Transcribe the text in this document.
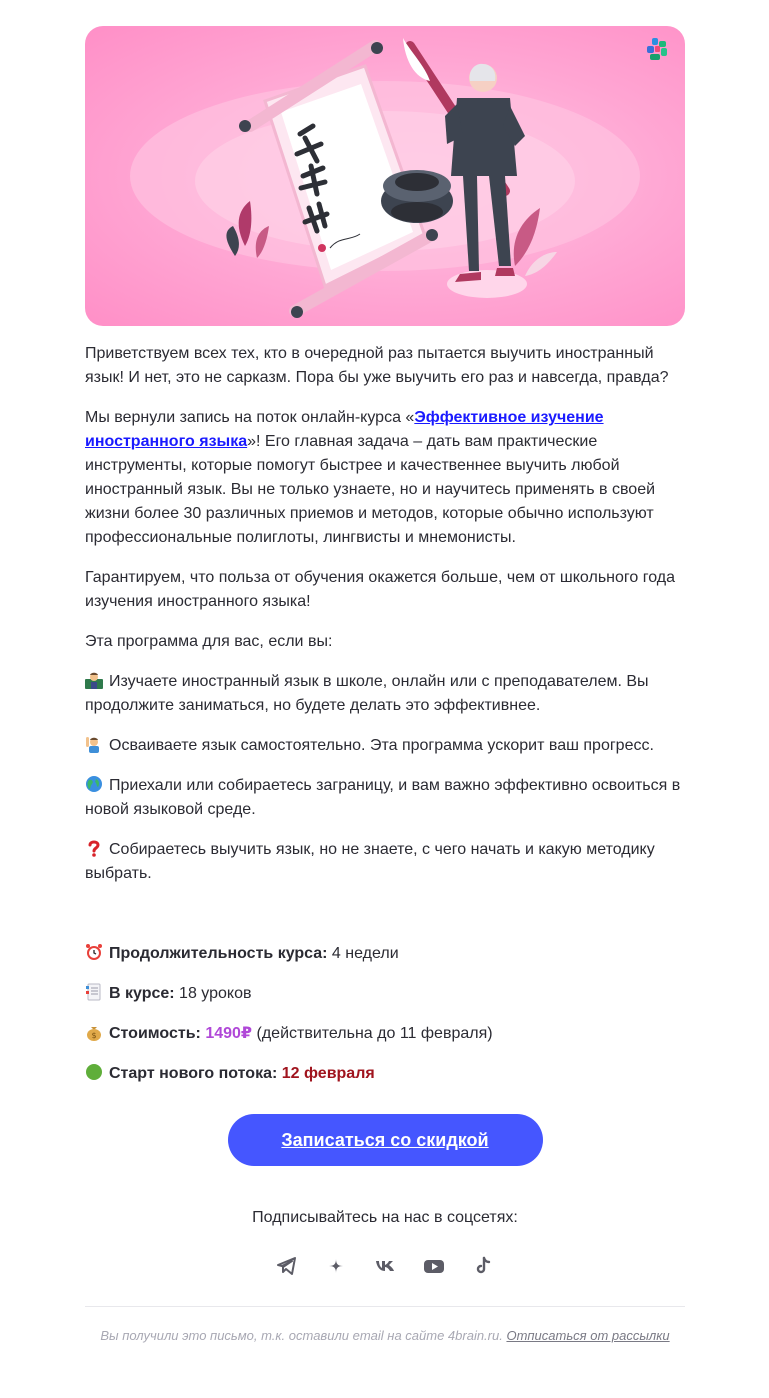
Приветствуем всех тех, кто в очередной раз пытается выучить иностранный язык! И нет, это не сарказм. Пора бы уже выучить его раз и навсегда, правда?

Мы вернули запись на поток онлайн-курса «Эффективное изучение иностранного языка»! Его главная задача – дать вам практические инструменты, которые помогут быстрее и качественнее выучить любой иностранный язык. Вы не только узнаете, но и научитесь применять в своей жизни более 30 различных приемов и методов, которые обычно используют профессиональные полиглоты, лингвисты и мнемонисты.

Гарантируем, что польза от обучения окажется больше, чем от школьного года изучения иностранного языка!

Эта программа для вас, если вы:

Изучаете иностранный язык в школе, онлайн или с преподавателем. Вы продолжите заниматься, но будете делать это эффективнее.

Осваиваете язык самостоятельно. Эта программа ускорит ваш прогресс.

Приехали или собираетесь заграницу, и вам важно эффективно освоиться в новой языковой среде.

Собираетесь выучить язык, но не знаете, с чего начать и какую методику выбрать.

Продолжительность курса: 4 недели

В курсе: 18 уроков

$ Стоимость: 1490₽ (действительна до 11 февраля)

Старт нового потока: 12 февраля

Записаться со скидкой
Подписывайтесь на нас в соцсетях:
Вы получили это письмо, т.к. оставили email на сайте 4brain.ru. Отписаться от рассылки
